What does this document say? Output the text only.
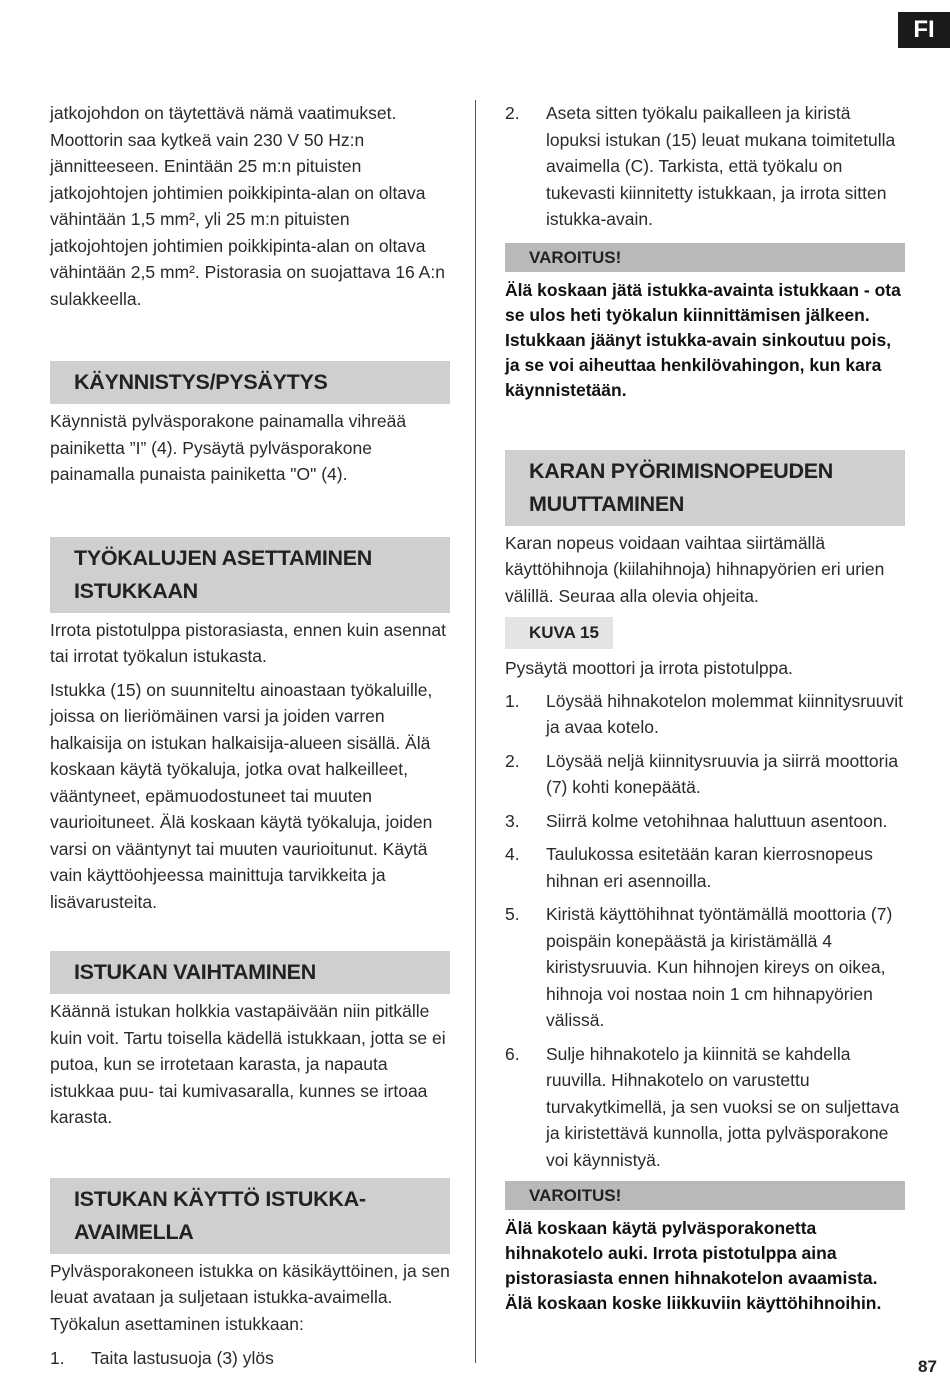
FI

jatkojohdon on täytettävä nämä vaatimukset. Moottorin saa kytkeä vain 230 V 50 Hz:n jännitteeseen. Enintään 25 m:n pituisten jatkojohtojen johtimien poikkipinta-alan on oltava vähintään 1,5 mm², yli 25 m:n pituisten jatkojohtojen johtimien poikkipinta-alan on oltava vähintään 2,5 mm². Pistorasia on suojattava 16 A:n sulakkeella.

KÄYNNISTYS/PYSÄYTYS

Käynnistä pylväsporakone painamalla vihreää painiketta ”I” (4). Pysäytä pylväsporakone painamalla punaista painiketta "O" (4).

TYÖKALUJEN ASETTAMINEN
ISTUKKAAN

Irrota pistotulppa pistorasiasta, ennen kuin asennat tai irrotat työkalun istukasta.

Istukka (15) on suunniteltu ainoastaan työkaluille, joissa on lieriömäinen varsi ja joiden varren halkaisija on istukan halkaisija-alueen sisällä. Älä koskaan käytä työkaluja, jotka ovat halkeilleet, vääntyneet, epämuodostuneet tai muuten vaurioituneet. Älä koskaan käytä työkaluja, joiden varsi on vääntynyt tai muuten vaurioitunut. Käytä vain käyttöohjeessa mainittuja tarvikkeita ja lisävarusteita.

ISTUKAN VAIHTAMINEN

Käännä istukan holkkia vastapäivään niin pitkälle kuin voit. Tartu toisella kädellä istukkaan, jotta se ei putoa, kun se irrotetaan karasta, ja napauta istukkaa puu- tai kumivasaralla, kunnes se irtoaa karasta.

ISTUKAN KÄYTTÖ ISTUKKA-
AVAIMELLA

Pylväsporakoneen istukka on käsikäyttöinen, ja sen leuat avataan ja suljetaan istukka-avaimella. Työkalun asettaminen istukkaan:

1. Taita lastusuoja (3) ylös
2. Aseta sitten työkalu paikalleen ja kiristä lopuksi istukan (15) leuat mukana toimitetulla avaimella (C). Tarkista, että työkalu on tukevasti kiinnitetty istukkaan, ja irrota sitten istukka-avain.
VAROITUS!
Älä koskaan jätä istukka-avainta istukkaan - ota se ulos heti työkalun kiinnittämisen jälkeen. Istukkaan jäänyt istukka-avain sinkoutuu pois, ja se voi aiheuttaa henkilövahingon, kun kara käynnistetään.
KARAN PYÖRIMISNOPEUDEN
MUUTTAMINEN

Karan nopeus voidaan vaihtaa siirtämällä käyttöhihnoja (kiilahihnoja) hihnapyörien eri urien välillä. Seuraa alla olevia ohjeita.

KUVA 15

Pysäytä moottori ja irrota pistotulppa.

1. Löysää hihnakotelon molemmat kiinnitysruuvit ja avaa kotelo.
2. Löysää neljä kiinnitysruuvia ja siirrä moottoria (7) kohti konepäätä.
3. Siirrä kolme vetohihnaa haluttuun asentoon.
4. Taulukossa esitetään karan kierrosnopeus hihnan eri asennoilla.
5. Kiristä käyttöhihnat työntämällä moottoria (7) poispäin konepäästä ja kiristämällä 4 kiristysruuvia. Kun hihnojen kireys on oikea, hihnoja voi nostaa noin 1 cm hihnapyörien välissä.
6. Sulje hihnakotelo ja kiinnitä se kahdella ruuvilla. Hihnakotelo on varustettu turvakytkimellä, ja sen vuoksi se on suljettava ja kiristettävä kunnolla, jotta pylväsporakone voi käynnistyä.
VAROITUS!
Älä koskaan käytä pylväsporakonetta hihnakotelo auki. Irrota pistotulppa aina pistorasiasta ennen hihnakotelon avaamista. Älä koskaan koske liikkuviin käyttöhihnoihin.
87
